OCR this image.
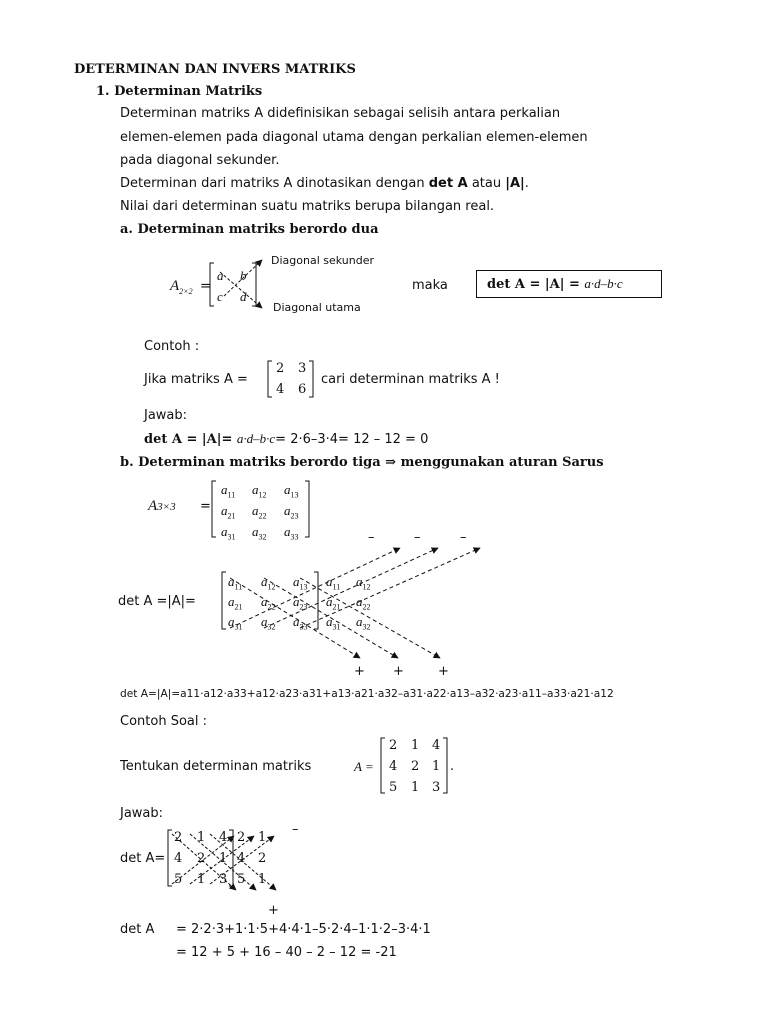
DETERMINAN DAN INVERS MATRIKS
1. Determinan Matriks
Determinan matriks A didefinisikan sebagai selisih antara perkalian
elemen-elemen pada diagonal utama dengan perkalian elemen-elemen
pada diagonal sekunder.
Determinan dari matriks A dinotasikan dengan det A atau |A|.
Nilai dari determinan suatu matriks berupa bilangan real.
a. Determinan matriks berordo dua
$A_{2\times 2}$ =
a b
c d
Diagonal sekunder
Diagonal utama
maka	det A = |A| = a·d–b·c
Contoh :
Jika matriks A =
2 3
4 6
cari determinan matriks A !
Jawab:
det A = |A|= a·d–b·c= 2·6–3·4= 12 – 12 = 0
b. Determinan matriks berordo tiga ⇒ menggunakan aturan Sarus
A3×3 =
$a_{11}$ $a_{12}$ $a_{13}$
$a_{21}$ $a_{22}$ $a_{23}$
$a_{31}$ $a_{32}$ $a_{33}$
det A =|A|=
$a_{11}$ $a_{12}$ $a_{13}$ $a_{11}$ $a_{12}$
$a_{21}$ $a_{22}$ $a_{23}$ $a_{21}$ $a_{22}$
$a_{31}$ $a_{32}$ $a_{33}$ $a_{31}$ $a_{32}$
–	–	–
+ +	+
det A=|A|=a11·a12·a33+a12·a23·a31+a13·a21·a32–a31·a22·a13–a32·a23·a11–a33·a21·a12
Contoh Soal :
Tentukan determinan matriks	A =
2 1 4
4 2 1
5 1 3
.
Jawab:
det A=
2 1 4 2 1
4 2 1 4 2
5 1 3 5 1
–
+
det A = 2·2·3+1·1·5+4·4·1–5·2·4–1·1·2–3·4·1
= 12 + 5 + 16 – 40 – 2 – 12 = -21
